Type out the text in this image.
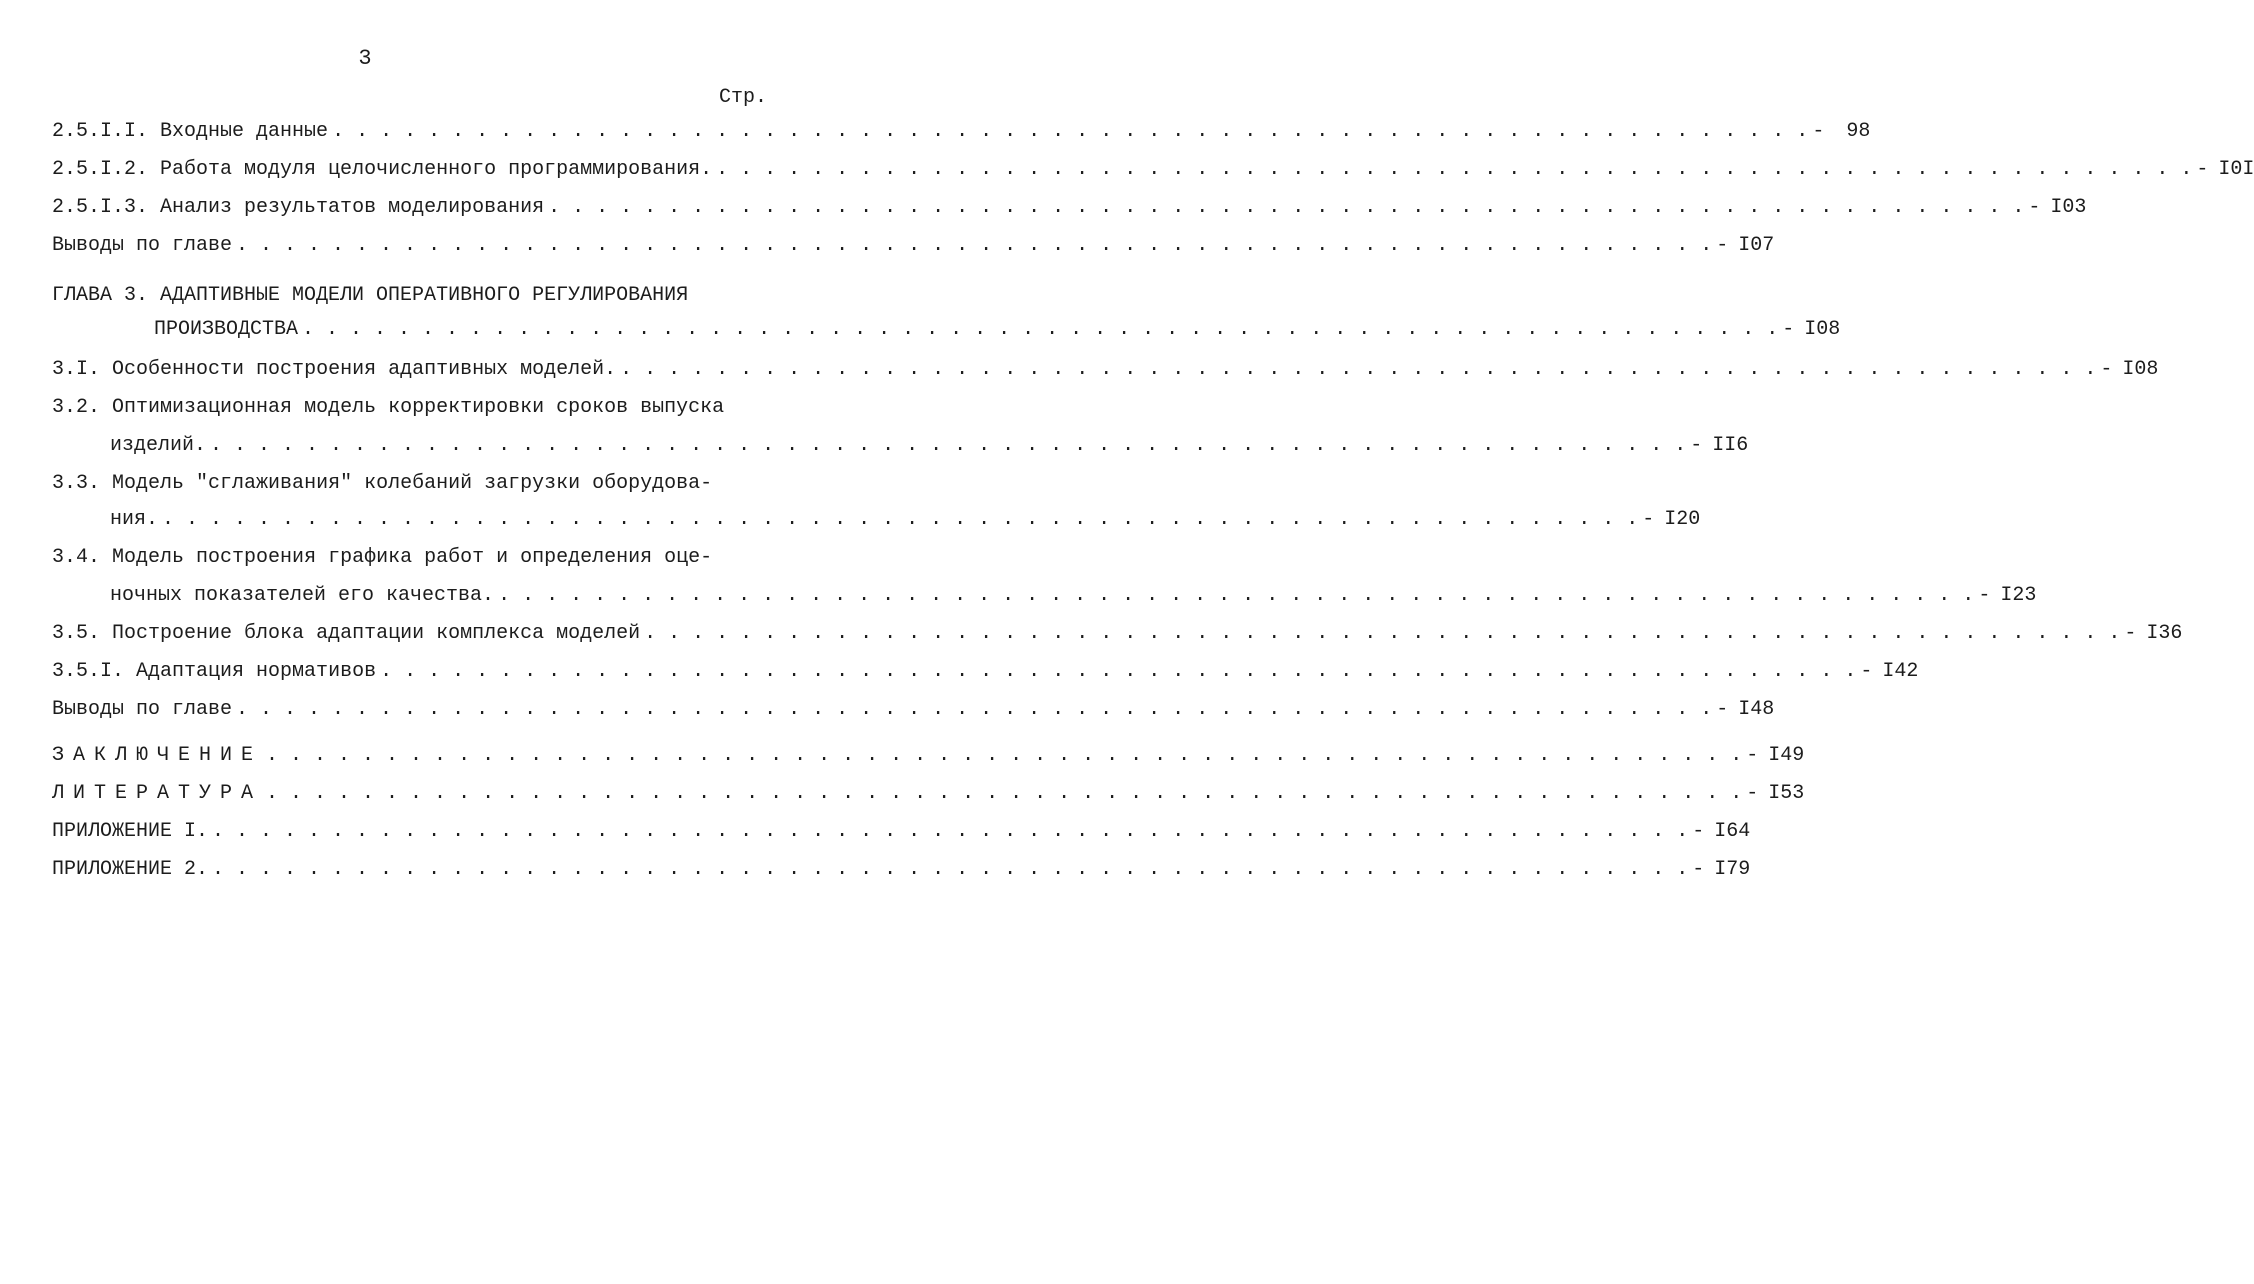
3
Стр.
2.5.I.I.
Входные данные . . .	-	98
2.5.I.2.
Работа модуля целочисленного программирования. . . .	- I0I
2.5.I.3.
Анализ результатов моделирования . . .	- I03
Выводы по главе . . .	- I07
ГЛАВА 3. АДАПТИВНЫЕ МОДЕЛИ ОПЕРАТИВНОГО РЕГУЛИРОВАНИЯ
ПРОИЗВОДСТВА . . .	- I08
3.I.
Особенности построения адаптивных моделей. . . .	- I08
3.2. Оптимизационная модель корректировки сроков выпуска
изделий. . . .	- II6
3.3. Модель "сглаживания" колебаний загрузки оборудова-
ния. . . .	- I20
3.4. Модель построения графика работ и определения оце-
ночных показателей его качества. . . .	- I23
3.5.
Построение блока адаптации комплекса моделей . . .	- I36
3.5.I.
Адаптация нормативов . . .	- I42
Выводы по главе . . .	- I48
ЗАКЛЮЧЕНИЕ . . .	- I49
ЛИТЕРАТУРА . . .	- I53
ПРИЛОЖЕНИЕ I. . . .	- I64
ПРИЛОЖЕНИЕ 2. . . .	- I79
